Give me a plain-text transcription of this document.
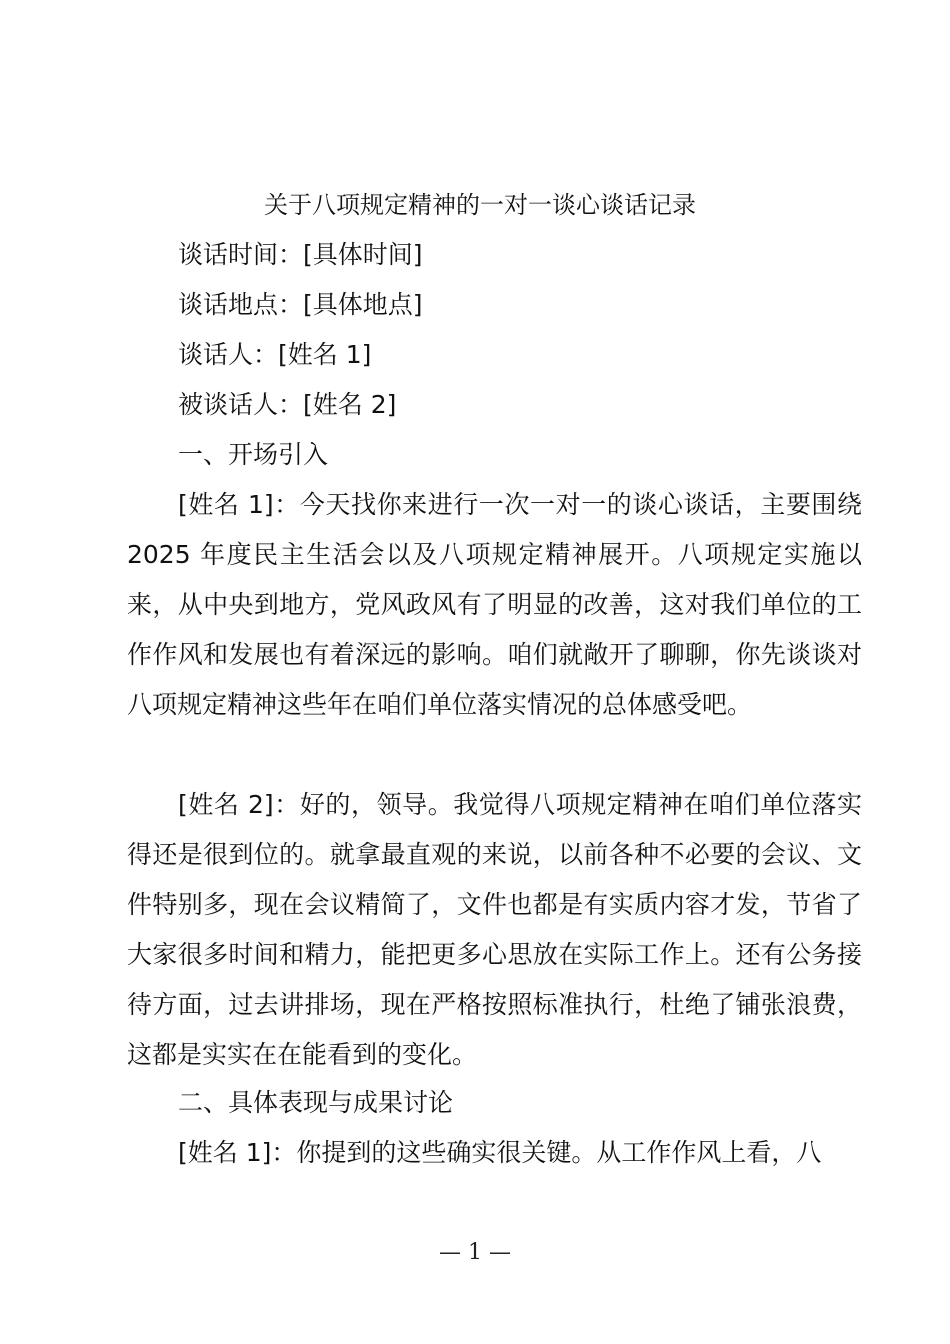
关于八项规定精神的一对一谈心谈话记录
谈话时间：[具体时间]
谈话地点：[具体地点]
谈话人：[姓名 1]
被谈话人：[姓名 2]
一、开场引入

[姓名 1]：今天找你来进行一次一对一的谈心谈话，主要围绕 2025 年度民主生活会以及八项规定精神展开。八项规定实施以来，从中央到地方，党风政风有了明显的改善，这对我们单位的工作作风和发展也有着深远的影响。咱们就敞开了聊聊，你先谈谈对八项规定精神这些年在咱们单位落实情况的总体感受吧。

[姓名 2]：好的，领导。我觉得八项规定精神在咱们单位落实得还是很到位的。就拿最直观的来说，以前各种不必要的会议、文件特别多，现在会议精简了，文件也都是有实质内容才发，节省了大家很多时间和精力，能把更多心思放在实际工作上。还有公务接待方面，过去讲排场，现在严格按照标准执行，杜绝了铺张浪费，这都是实实在在能看到的变化。

二、具体表现与成果讨论

[姓名 1]：你提到的这些确实很关键。从工作作风上看，八

— 1 —
